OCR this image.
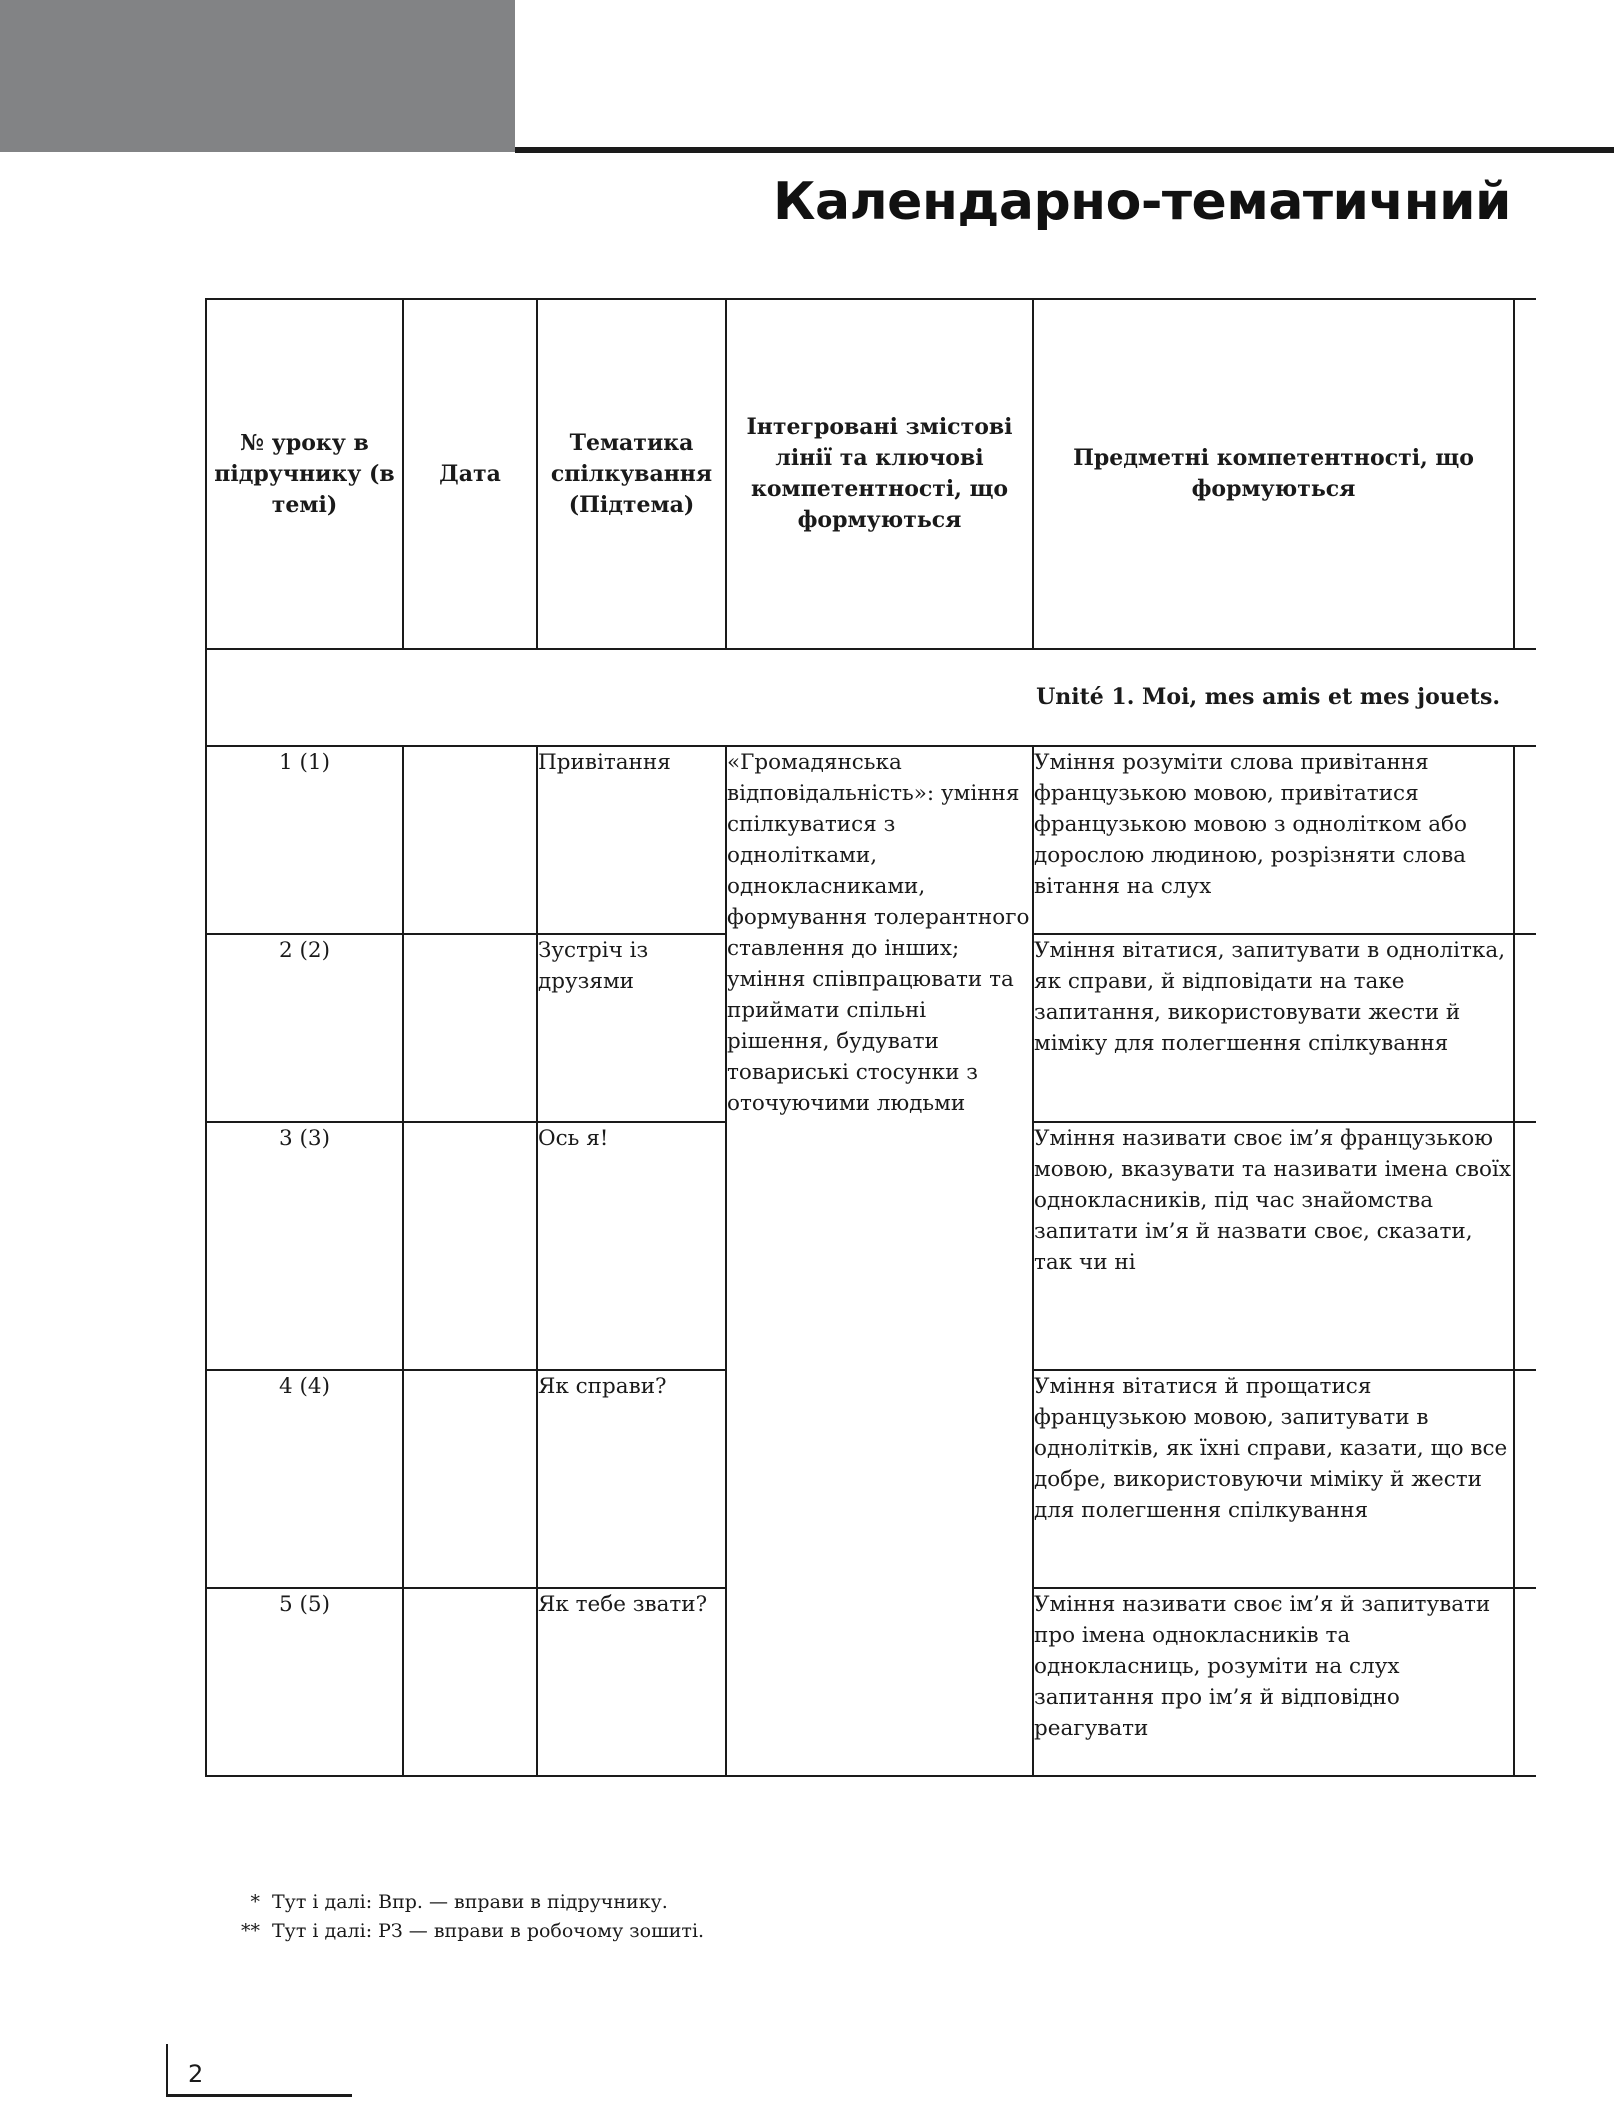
Календарно-тематичний
№ уроку в підручнику (в темі)	Дата	Тематика спілкування (Підтема)	Інтегровані змістові лінії та ключові компетентності, що формуються	Предметні компетентності, що формуються	
Unité 1. Moi, mes amis et mes jouets.					
1 (1)		Привітання	«Громадянська відповідальність»: уміння спілкуватися з однолітками, однокласниками, формування толерантного ставлення до інших; уміння співпрацювати та приймати спільні рішення, будувати товариські стосунки з оточуючими людьми	Уміння розуміти слова привітання французькою мовою, привітатися французькою мовою з однолітком або дорослою людиною, розрізняти слова вітання на слух	
2 (2)		Зустріч із друзями		Уміння вітатися, запитувати в однолітка, як справи, й відповідати на таке запитання, використовувати жести й міміку для полегшення спілкування	
3 (3)		Ось я!		Уміння називати своє ім’я французькою мовою, вказувати та називати імена своїх однокласників, під час знайомства запитати ім’я й назвати своє, сказати, так чи ні	
4 (4)		Як справи?		Уміння вітатися й прощатися французькою мовою, запитувати в однолітків, як їхні справи, казати, що все добре, використовуючи міміку й жести для полегшення спілкування	
5 (5)		Як тебе звати?		Уміння називати своє ім’я й запитувати про імена однокласників та однокласниць, розуміти на слух запитання про ім’я й відповідно реагувати	
* Тут і далі: Впр. — вправи в підручнику.
** Тут і далі: РЗ — вправи в робочому зошиті.
2
